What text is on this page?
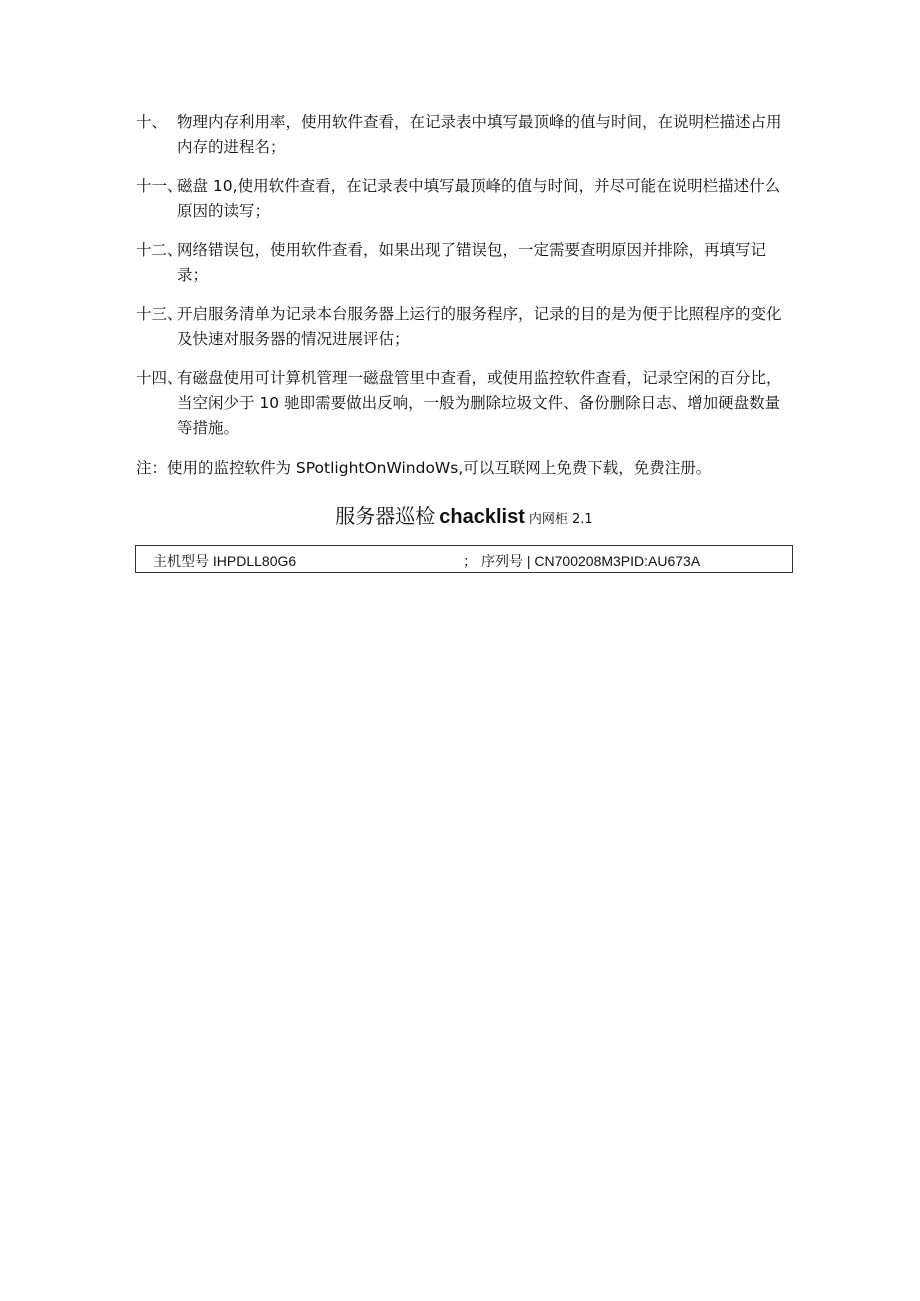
十、 物理内存利用率，使用软件查看，在记录表中填写最顶峰的值与时间，在说明栏描述占用内存的进程名；
十一、
磁盘 10,使用软件查看，在记录表中填写最顶峰的值与时间，并尽可能在说明栏描述什么原因的读写；
十二、
网络错误包，使用软件查看，如果出现了错误包，一定需要查明原因并排除，再填写记录；
十三、
开启服务清单为记录本台服务器上运行的服务程序，记录的目的是为便于比照程序的变化及快速对服务器的情况进展评估；
十四、
有磁盘使用可计算机管理一磁盘管里中查看，或使用监控软件查看，记录空闲的百分比，当空闲少于 10 驰即需要做出反响，一般为删除垃圾文件、备份删除日志、增加硬盘数量等措施。
注：使用的监控软件为 SPotlightOnWindoWs,可以互联网上免费下载，免费注册。
服务器巡检 chacklist 内网柜 2.1
主机型号 IHPDLL80G6	； 序列号 | CN700208M3PID:AU673A
